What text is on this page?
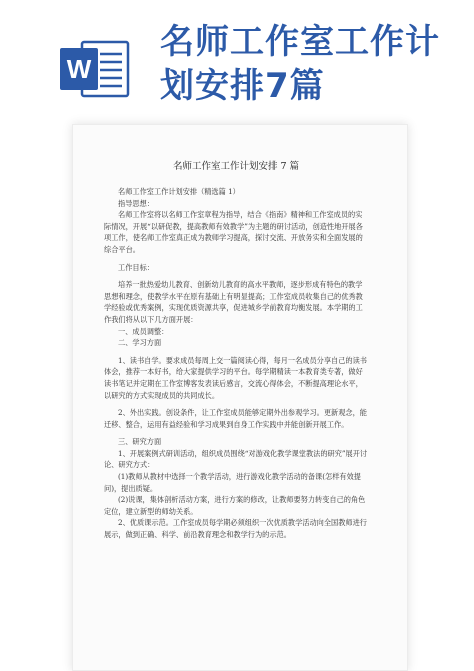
W
名师工作室工作计
划安排7篇
名师工作室工作计划安排 7 篇

名师工作室工作计划安排（精选篇 1）

指导思想：

名师工作室将以名师工作室章程为指导，结合《指南》精神和工作室成员的实际情况，开展“以研促教，提高教师有效教学”为主题的研讨活动，创造性地开展各项工作，使名师工作室真正成为教师学习提高，探讨交流、开放务实和全面发展的综合平台。

工作目标：

培养一批热爱幼儿教育、创新幼儿教育的高水平教师，逐步形成有特色的教学思想和理念，使教学水平在原有基础上有明显提高；工作室成员收集自己的优秀教学经验或优秀案例，实现优质资源共享，促进城乡学前教育均衡发展。本学期的工作我们将从以下几方面开展：

一、成员调整：

二、学习方面

1、读书自学。要求成员每周上交一篇阅读心得，每月一名成员分享自己的读书体会，推荐一本好书，给大家提供学习的平台。每学期精读一本教育类专著，做好读书笔记并定期在工作室博客发表读后感言，交流心得体会，不断提高理论水平，以研究的方式实现成员的共同成长。

2、外出实践。创设条件，让工作室成员能够定期外出参观学习。更新观念，能迁移、整合，运用有益经验和学习成果到自身工作实践中并能创新开展工作。

三、研究方面

1、开展案例式研训活动，组织成员围绕“对游戏化教学课堂教法的研究”展开讨论、研究方式：

(1)教师从教材中选择一个教学活动，进行游戏化教学活动的备课(怎样有效提问)，提出质疑。

(2)说课，集体剖析活动方案，进行方案的修改，让教师要努力转变自己的角色定位，建立新型的师幼关系。

2、优质课示范。工作室成员每学期必须组织一次优质教学活动向全国教师进行展示，做到正确、科学、前沿教育理念和教学行为的示范。
